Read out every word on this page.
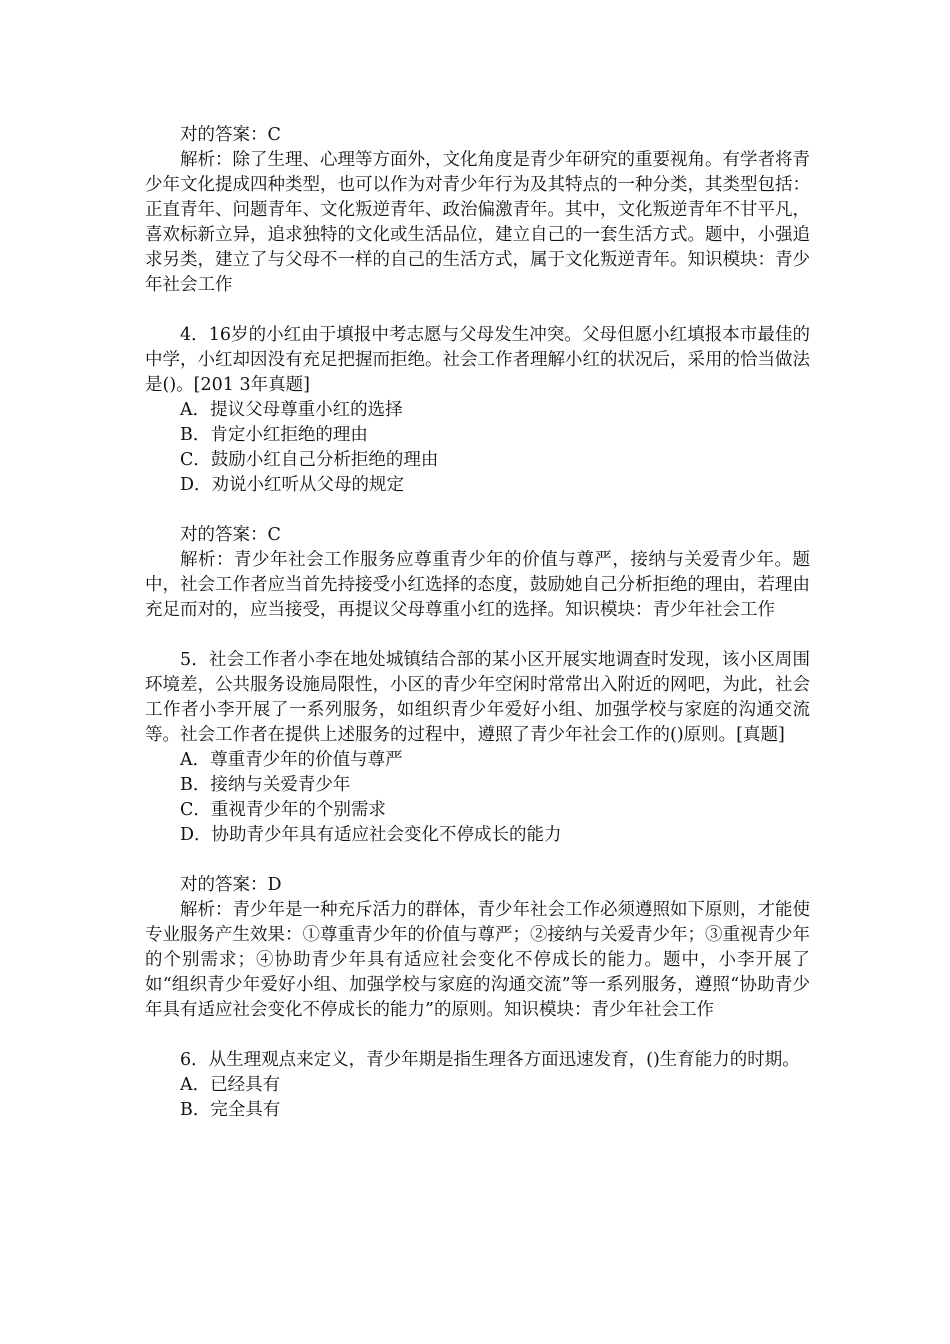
对的答案：C
解析：除了生理、心理等方面外，文化角度是青少年研究的重要视角。有学者将青少年文化提成四种类型，也可以作为对青少年行为及其特点的一种分类，其类型包括：正直青年、问题青年、文化叛逆青年、政治偏激青年。其中，文化叛逆青年不甘平凡，喜欢标新立异，追求独特的文化或生活品位，建立自己的一套生活方式。题中，小强追求另类，建立了与父母不一样的自己的生活方式，属于文化叛逆青年。知识模块：青少年社会工作
4．16岁的小红由于填报中考志愿与父母发生冲突。父母但愿小红填报本市最佳的中学，小红却因没有充足把握而拒绝。社会工作者理解小红的状况后，采用的恰当做法是()。[201 3年真题]
A．提议父母尊重小红的选择
B．肯定小红拒绝的理由
C．鼓励小红自己分析拒绝的理由
D．劝说小红听从父母的规定
对的答案：C
解析：青少年社会工作服务应尊重青少年的价值与尊严，接纳与关爱青少年。题中，社会工作者应当首先持接受小红选择的态度，鼓励她自己分析拒绝的理由，若理由充足而对的，应当接受，再提议父母尊重小红的选择。知识模块：青少年社会工作
5．社会工作者小李在地处城镇结合部的某小区开展实地调查时发现，该小区周围环境差，公共服务设施局限性，小区的青少年空闲时常常出入附近的网吧，为此，社会工作者小李开展了一系列服务，如组织青少年爱好小组、加强学校与家庭的沟通交流等。社会工作者在提供上述服务的过程中，遵照了青少年社会工作的()原则。[真题]
A．尊重青少年的价值与尊严
B．接纳与关爱青少年
C．重视青少年的个别需求
D．协助青少年具有适应社会变化不停成长的能力
对的答案：D
解析：青少年是一种充斥活力的群体，青少年社会工作必须遵照如下原则，才能使专业服务产生效果：①尊重青少年的价值与尊严；②接纳与关爱青少年；③重视青少年的个别需求；④协助青少年具有适应社会变化不停成长的能力。题中，小李开展了如“组织青少年爱好小组、加强学校与家庭的沟通交流”等一系列服务，遵照“协助青少年具有适应社会变化不停成长的能力”的原则。知识模块：青少年社会工作
6．从生理观点来定义，青少年期是指生理各方面迅速发育，()生育能力的时期。
A．已经具有
B．完全具有
